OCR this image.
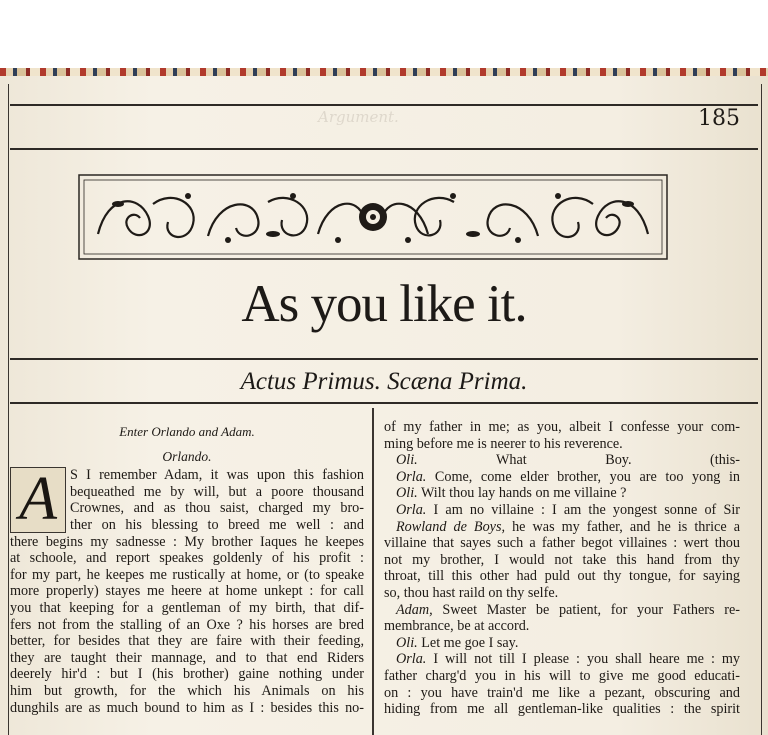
Argument.	185
As you like it.
Actus Primus. Scæna Prima.
Enter Orlando and Adam.
Orlando.
A S I remember Adam, it was upon this fashion
bequeathed me by will, but a poore thousand
Crownes, and as thou saist, charged my bro-
ther on his blessing to breed me well : and
there begins my sadnesse : My brother Iaques he keepes
at schoole, and report speakes goldenly of his profit :
for my part, he keepes me rustically at home, or (to speake
more properly) stayes me heere at home unkept : for call
you that keeping for a gentleman of my birth, that dif-
fers not from the stalling of an Oxe ? his horses are bred
better, for besides that they are faire with their feeding,
they are taught their mannage, and to that end Riders
deerely hir'd : but I (his brother) gaine nothing under
him but growth, for the which his Animals on his
dunghils are as much bound to him as I : besides this no-
of my father in me; as you, albeit I confesse your com-
ming before me is neerer to his reverence.
Oli. What Boy. (this-
Orla. Come, come elder brother, you are too yong in
Oli. Wilt thou lay hands on me villaine ?
Orla. I am no villaine : I am the yongest sonne of Sir
Rowland de Boys, he was my father, and he is thrice a
villaine that sayes such a father begot villaines : wert thou
not my brother, I would not take this hand from thy
throat, till this other had puld out thy tongue, for saying
so, thou hast raild on thy selfe.
Adam, Sweet Master be patient, for your Fathers re-
membrance, be at accord.
Oli. Let me goe I say.
Orla. I will not till I please : you shall heare me : my
father charg'd you in his will to give me good educati-
on : you have train'd me like a pezant, obscuring and
hiding from me all gentleman-like qualities : the spirit
